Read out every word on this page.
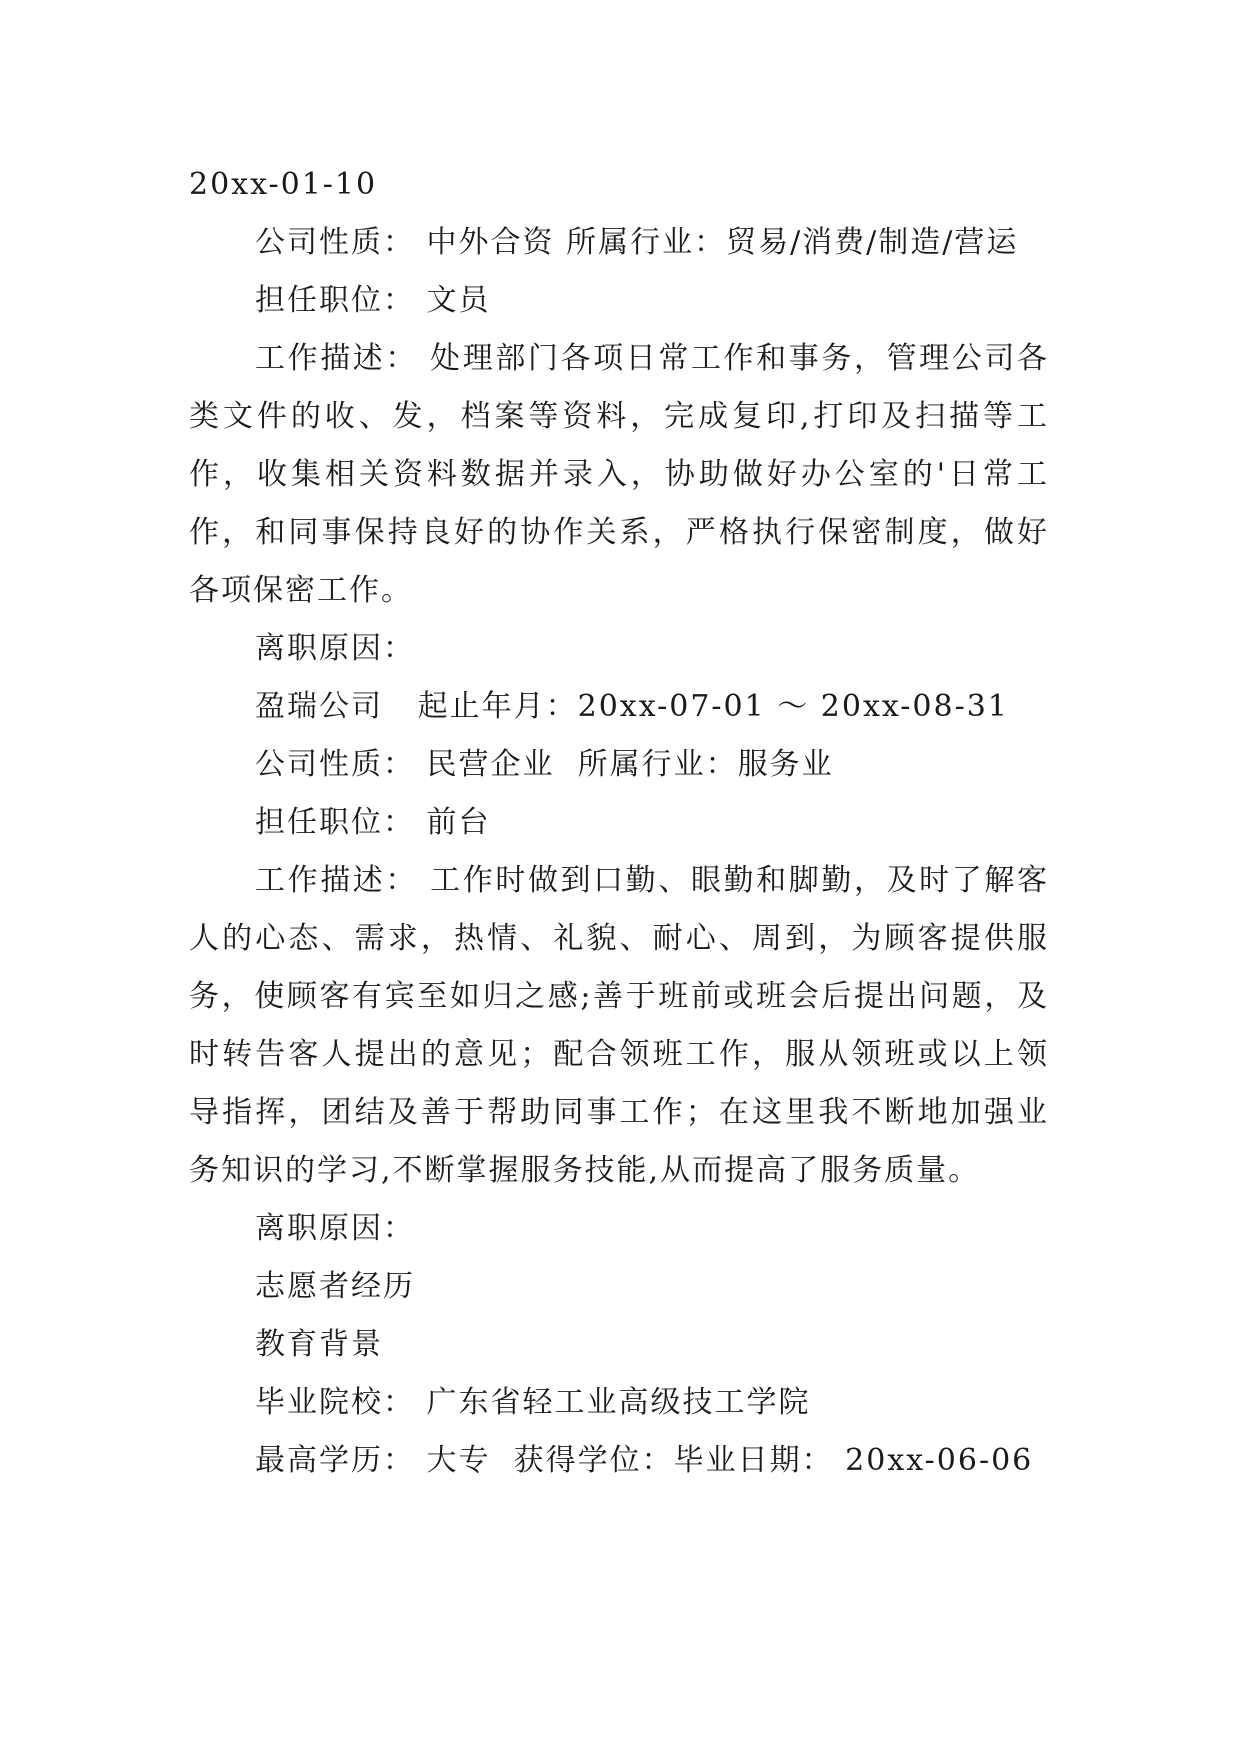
20xx-01-10
公司性质： 中外合资 所属行业：贸易/消费/制造/营运
担任职位： 文员
工作描述： 处理部门各项日常工作和事务，管理公司各类文件的收、发，档案等资料，完成复印,打印及扫描等工作，收集相关资料数据并录入，协助做好办公室的'日常工作，和同事保持良好的协作关系，严格执行保密制度，做好各项保密工作。
离职原因：
盈瑞公司   起止年月：20xx-07-01 ～ 20xx-08-31
公司性质： 民营企业  所属行业：服务业
担任职位： 前台
工作描述： 工作时做到口勤、眼勤和脚勤，及时了解客人的心态、需求，热情、礼貌、耐心、周到，为顾客提供服务，使顾客有宾至如归之感;善于班前或班会后提出问题，及时转告客人提出的意见；配合领班工作，服从领班或以上领导指挥，团结及善于帮助同事工作；在这里我不断地加强业务知识的学习,不断掌握服务技能,从而提高了服务质量。
离职原因：
志愿者经历
教育背景
毕业院校： 广东省轻工业高级技工学院
最高学历： 大专  获得学位：毕业日期： 20xx-06-06
